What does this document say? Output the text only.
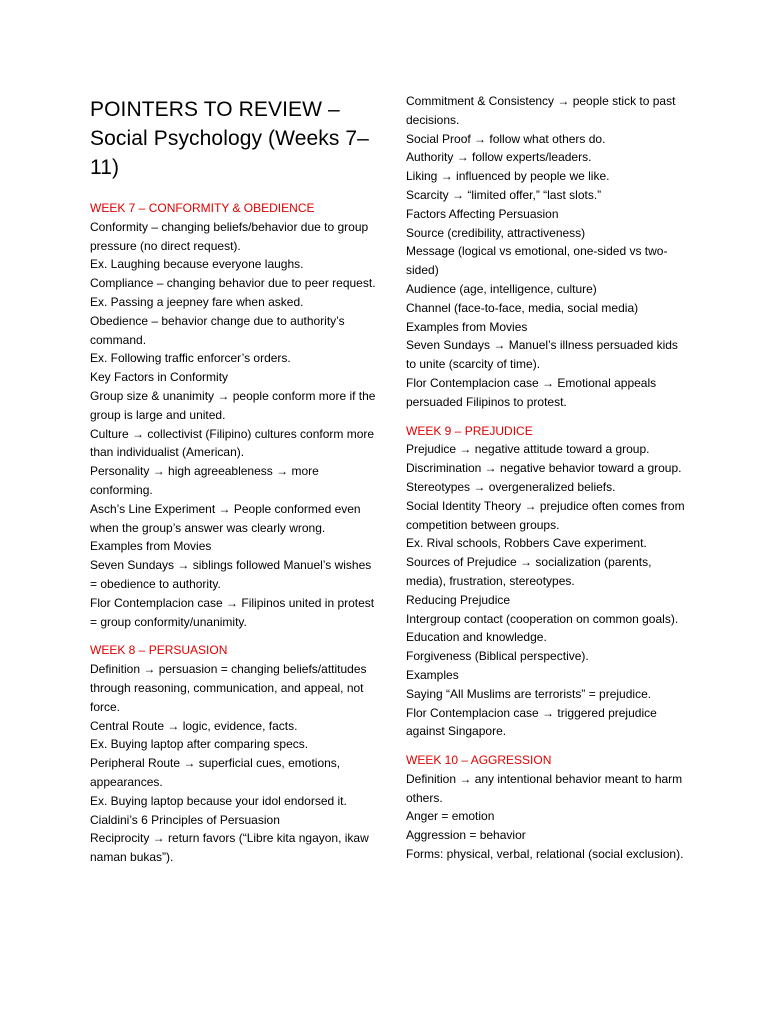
POINTERS TO REVIEW – Social Psychology (Weeks 7–11)

WEEK 7 – CONFORMITY & OBEDIENCE

Conformity – changing beliefs/behavior due to group pressure (no direct request).

Ex. Laughing because everyone laughs.

Compliance – changing behavior due to peer request.

Ex. Passing a jeepney fare when asked.

Obedience – behavior change due to authority’s command.

Ex. Following traffic enforcer’s orders.

Key Factors in Conformity

Group size & unanimity → people conform more if the group is large and united.

Culture → collectivist (Filipino) cultures conform more than individualist (American).

Personality → high agreeableness → more conforming.

Asch’s Line Experiment → People conformed even when the group’s answer was clearly wrong.

Examples from Movies

Seven Sundays → siblings followed Manuel’s wishes = obedience to authority.

Flor Contemplacion case → Filipinos united in protest = group conformity/unanimity.

WEEK 8 – PERSUASION

Definition → persuasion = changing beliefs/attitudes through reasoning, communication, and appeal, not force.

Central Route → logic, evidence, facts.

Ex. Buying laptop after comparing specs.

Peripheral Route → superficial cues, emotions, appearances.

Ex. Buying laptop because your idol endorsed it.

Cialdini’s 6 Principles of Persuasion

Reciprocity → return favors (“Libre kita ngayon, ikaw naman bukas”).

Commitment & Consistency → people stick to past decisions.

Social Proof → follow what others do.

Authority → follow experts/leaders.

Liking → influenced by people we like.

Scarcity → “limited offer,” “last slots.”

Factors Affecting Persuasion

Source (credibility, attractiveness)

Message (logical vs emotional, one-sided vs two-sided)

Audience (age, intelligence, culture)

Channel (face-to-face, media, social media)

Examples from Movies

Seven Sundays → Manuel’s illness persuaded kids to unite (scarcity of time).

Flor Contemplacion case → Emotional appeals persuaded Filipinos to protest.

WEEK 9 – PREJUDICE

Prejudice → negative attitude toward a group.

Discrimination → negative behavior toward a group.

Stereotypes → overgeneralized beliefs.

Social Identity Theory → prejudice often comes from competition between groups.

Ex. Rival schools, Robbers Cave experiment.

Sources of Prejudice → socialization (parents, media), frustration, stereotypes.

Reducing Prejudice

Intergroup contact (cooperation on common goals).

Education and knowledge.

Forgiveness (Biblical perspective).

Examples

Saying “All Muslims are terrorists” = prejudice.

Flor Contemplacion case → triggered prejudice against Singapore.

WEEK 10 – AGGRESSION

Definition → any intentional behavior meant to harm others.

Anger = emotion

Aggression = behavior

Forms: physical, verbal, relational (social exclusion).
